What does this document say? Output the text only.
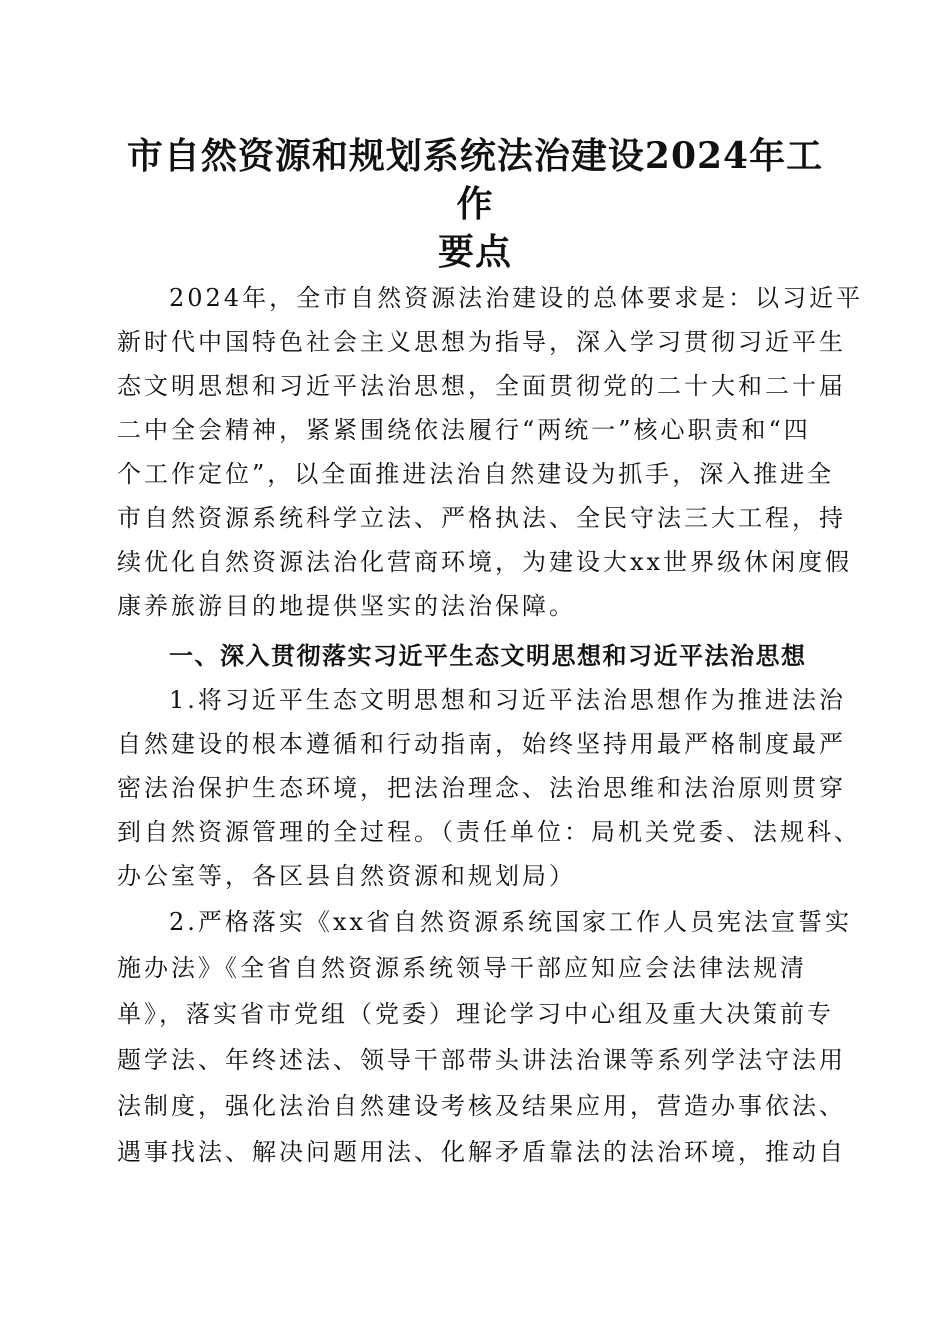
市自然资源和规划系统法治建设2024年工作
要点
2024年，全市自然资源法治建设的总体要求是：以习近平
新时代中国特色社会主义思想为指导，深入学习贯彻习近平生
态文明思想和习近平法治思想，全面贯彻党的二十大和二十届
二中全会精神，紧紧围绕依法履行“两统一”核心职责和“四
个工作定位”，以全面推进法治自然建设为抓手，深入推进全
市自然资源系统科学立法、严格执法、全民守法三大工程，持
续优化自然资源法治化营商环境，为建设大xx世界级休闲度假
康养旅游目的地提供坚实的法治保障。
一、深入贯彻落实习近平生态文明思想和习近平法治思想
1.将习近平生态文明思想和习近平法治思想作为推进法治
自然建设的根本遵循和行动指南，始终坚持用最严格制度最严
密法治保护生态环境，把法治理念、法治思维和法治原则贯穿
到自然资源管理的全过程。（责任单位：局机关党委、法规科、
办公室等，各区县自然资源和规划局）
2.严格落实《xx省自然资源系统国家工作人员宪法宣誓实
施办法》《全省自然资源系统领导干部应知应会法律法规清
单》，落实省市党组（党委）理论学习中心组及重大决策前专
题学法、年终述法、领导干部带头讲法治课等系列学法守法用
法制度，强化法治自然建设考核及结果应用，营造办事依法、
遇事找法、解决问题用法、化解矛盾靠法的法治环境，推动自
